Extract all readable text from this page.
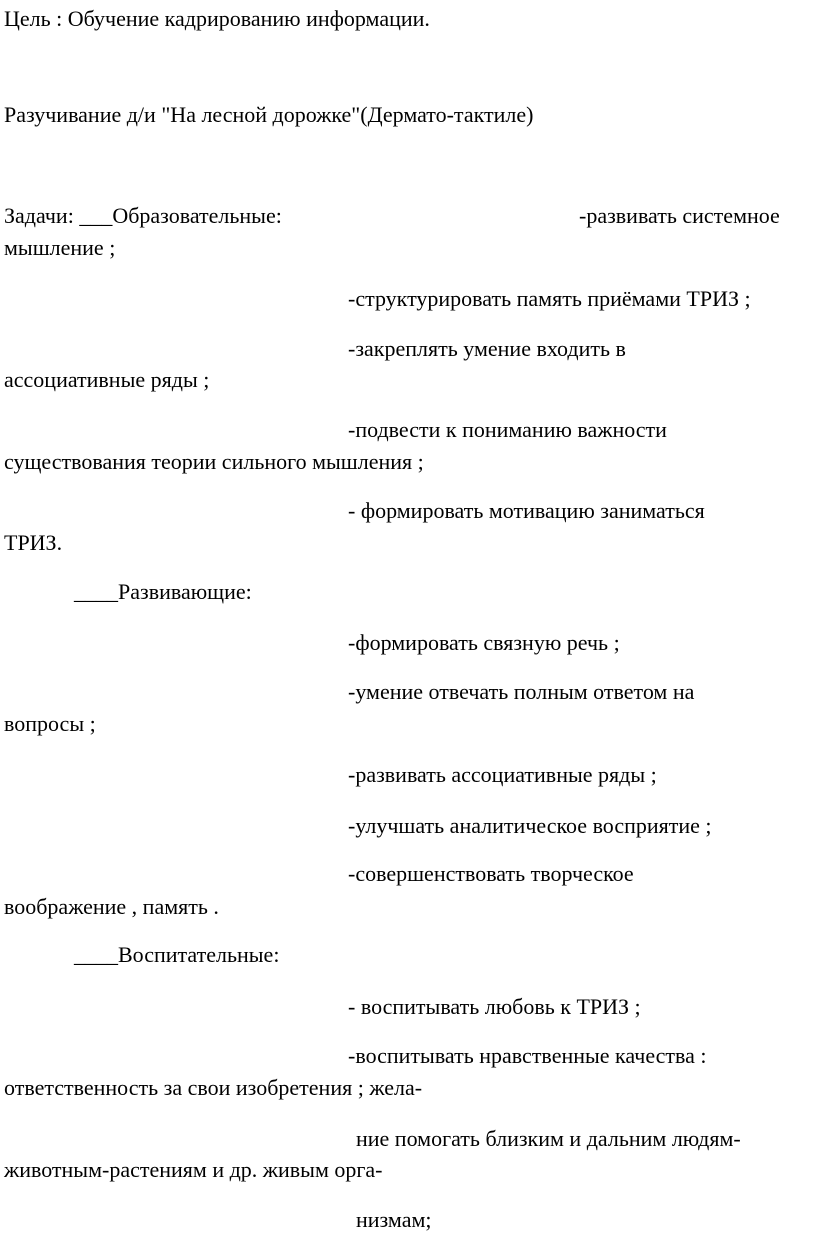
Цель : Обучение кадрированию информации.

Разучивание д/и "На лесной дорожке"(Дермато-тактиле)

Задачи: ___Образовательные:	-развивать системное

мышление ;

-структурировать память приёмами ТРИЗ ;

-закреплять умение входить в

ассоциативные ряды ;

-подвести к пониманию важности

существования теории сильного мышления ;

- формировать мотивацию заниматься

ТРИЗ.

____Развивающие:

-формировать связную речь ;

-умение отвечать полным ответом на

вопросы ;

-развивать ассоциативные ряды ;

-улучшать аналитическое восприятие ;

-совершенствовать творческое

воображение , память .

____Воспитательные:

- воспитывать любовь к ТРИЗ ;

-воспитывать нравственные качества :

ответственность за свои изобретения ; жела-

ние помогать близким и дальним людям-

животным-растениям и др. живым орга-

низмам;
